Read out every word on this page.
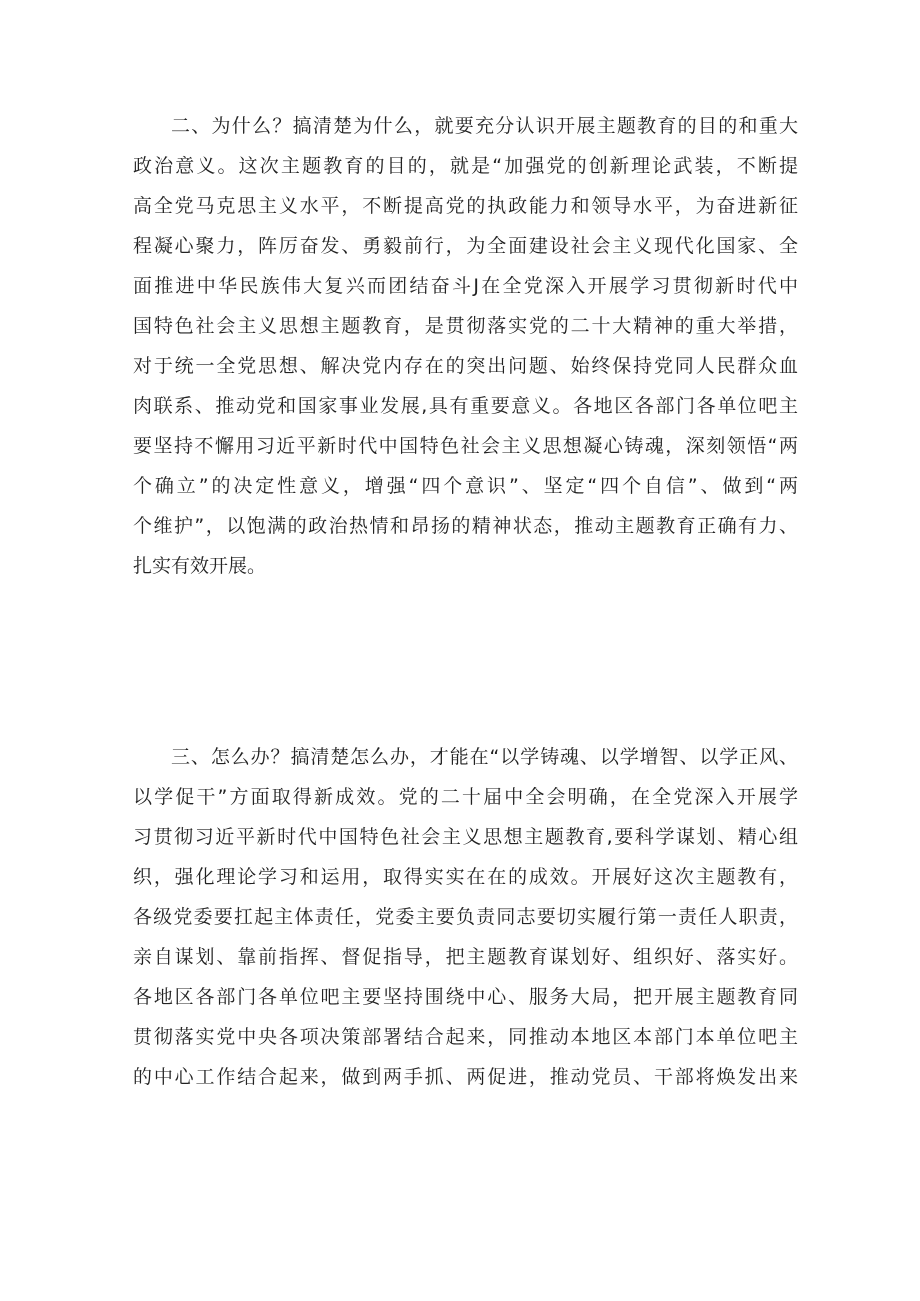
二、为什么？搞清楚为什么，就要充分认识开展主题教育的目的和重大
政治意义。这次主题教育的目的，就是“加强党的创新理论武装，不断提
高全党马克思主义水平，不断提高党的执政能力和领导水平，为奋进新征
程凝心聚力，阵厉奋发、勇毅前行，为全面建设社会主义现代化国家、全
面推进中华民族伟大复兴而团结奋斗J在全党深入开展学习贯彻新时代中
国特色社会主义思想主题教育，是贯彻落实党的二十大精神的重大举措，
对于统一全党思想、解决党内存在的突出问题、始终保持党同人民群众血
肉联系、推动党和国家事业发展,具有重要意义。各地区各部门各单位吧主
要坚持不懈用习近平新时代中国特色社会主义思想凝心铸魂，深刻领悟“两
个确立”的决定性意义，增强“四个意识”、坚定“四个自信”、做到“两
个维护”，以饱满的政治热情和昂扬的精神状态，推动主题教育正确有力、
扎实有效开展。
三、怎么办？搞清楚怎么办，才能在“以学铸魂、以学增智、以学正风、
以学促干”方面取得新成效。党的二十届中全会明确，在全党深入开展学
习贯彻习近平新时代中国特色社会主义思想主题教育,要科学谋划、精心组
织，强化理论学习和运用，取得实实在在的成效。开展好这次主题教有，
各级党委要扛起主体责任，党委主要负责同志要切实履行第一责任人职责，
亲自谋划、靠前指挥、督促指导，把主题教育谋划好、组织好、落实好。
各地区各部门各单位吧主要坚持围绕中心、服务大局，把开展主题教育同
贯彻落实党中央各项决策部署结合起来，同推动本地区本部门本单位吧主
的中心工作结合起来，做到两手抓、两促进，推动党员、干部将焕发出来
